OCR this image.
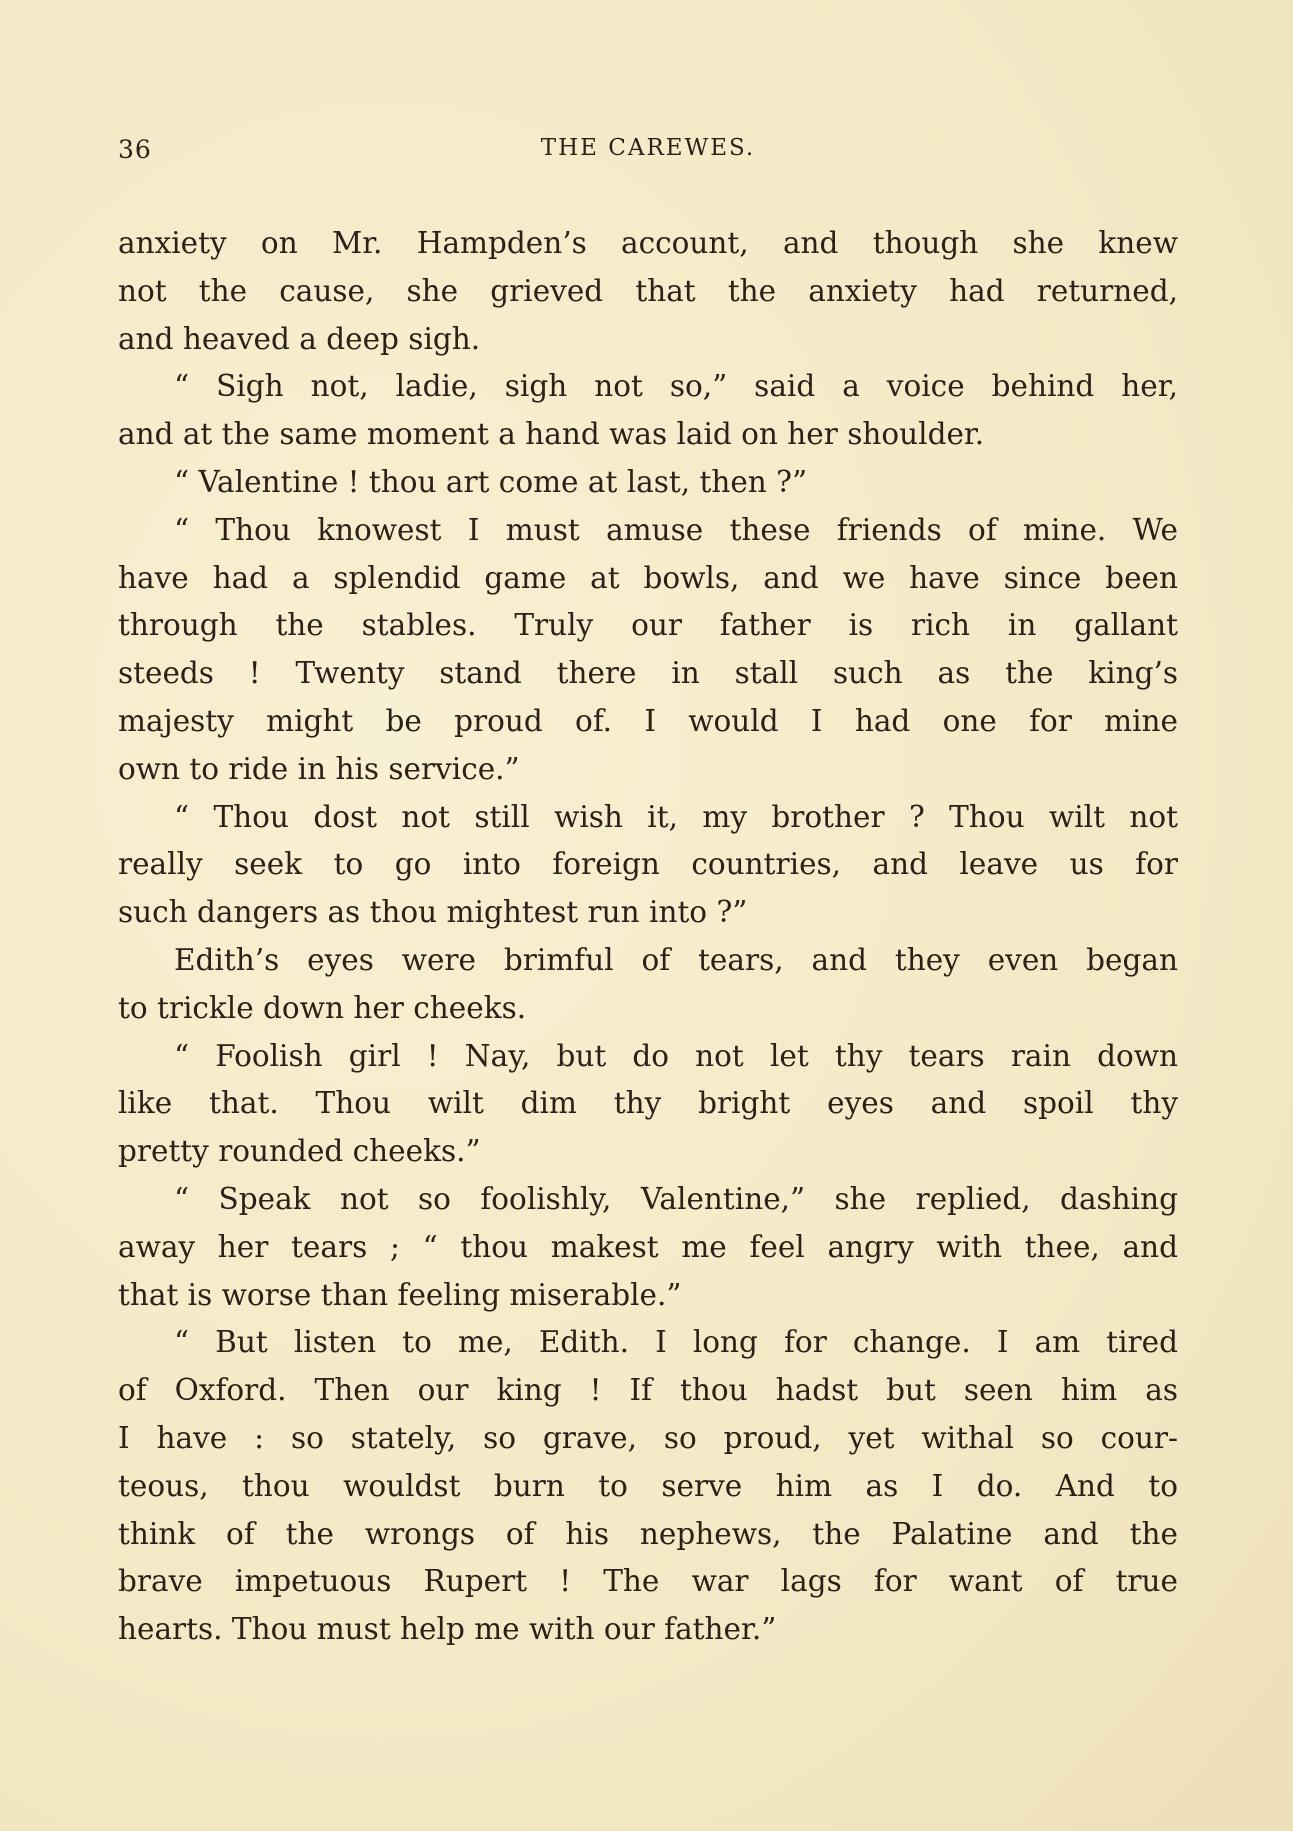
36	THE CAREWES.
anxiety on Mr. Hampden’s account, and though she knew
not the cause, she grieved that the anxiety had returned,
and heaved a deep sigh.
“ Sigh not, ladie, sigh not so,” said a voice behind her,
and at the same moment a hand was laid on her shoulder.
“ Valentine ! thou art come at last, then ?”
“ Thou knowest I must amuse these friends of mine. We
have had a splendid game at bowls, and we have since been
through the stables. Truly our father is rich in gallant
steeds ! Twenty stand there in stall such as the king’s
majesty might be proud of. I would I had one for mine
own to ride in his service.”
“ Thou dost not still wish it, my brother ? Thou wilt not
really seek to go into foreign countries, and leave us for
such dangers as thou mightest run into ?”
Edith’s eyes were brimful of tears, and they even began
to trickle down her cheeks.
“ Foolish girl ! Nay, but do not let thy tears rain down
like that. Thou wilt dim thy bright eyes and spoil thy
pretty rounded cheeks.”
“ Speak not so foolishly, Valentine,” she replied, dashing
away her tears ; “ thou makest me feel angry with thee, and
that is worse than feeling miserable.”
“ But listen to me, Edith. I long for change. I am tired
of Oxford. Then our king ! If thou hadst but seen him as
I have : so stately, so grave, so proud, yet withal so cour-
teous, thou wouldst burn to serve him as I do. And to
think of the wrongs of his nephews, the Palatine and the
brave impetuous Rupert ! The war lags for want of true
hearts. Thou must help me with our father.”
